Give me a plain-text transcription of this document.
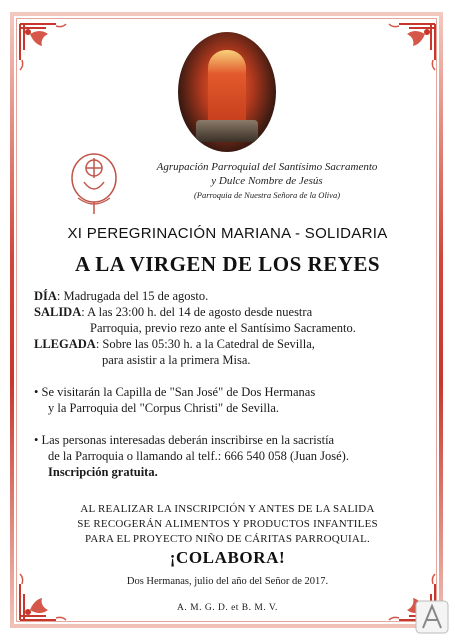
Agrupación Parroquial del Santísimo Sacramento
y Dulce Nombre de Jesús
(Parroquia de Nuestra Señora de la Oliva)
XI PEREGRINACIÓN MARIANA - SOLIDARIA
A LA VIRGEN DE LOS REYES
DÍA: Madrugada del 15 de agosto.
SALIDA: A las 23:00 h. del 14 de agosto desde nuestra
Parroquia, previo rezo ante el Santísimo Sacramento.
LLEGADA: Sobre las 05:30 h. a la Catedral de Sevilla,
para asistir a la primera Misa.
• Se visitarán la Capilla de "San José" de Dos Hermanas
y la Parroquia del "Corpus Christi" de Sevilla.
• Las personas interesadas deberán inscribirse en la sacristía
de la Parroquia o llamando al telf.: 666 540 058 (Juan José).
Inscripción gratuita.
AL REALIZAR LA INSCRIPCIÓN Y ANTES DE LA SALIDA
SE RECOGERÁN ALIMENTOS Y PRODUCTOS INFANTILES
PARA EL PROYECTO NIÑO DE CÁRITAS PARROQUIAL.
¡COLABORA!
Dos Hermanas, julio del año del Señor de 2017.
A. M. G. D. et B. M. V.
